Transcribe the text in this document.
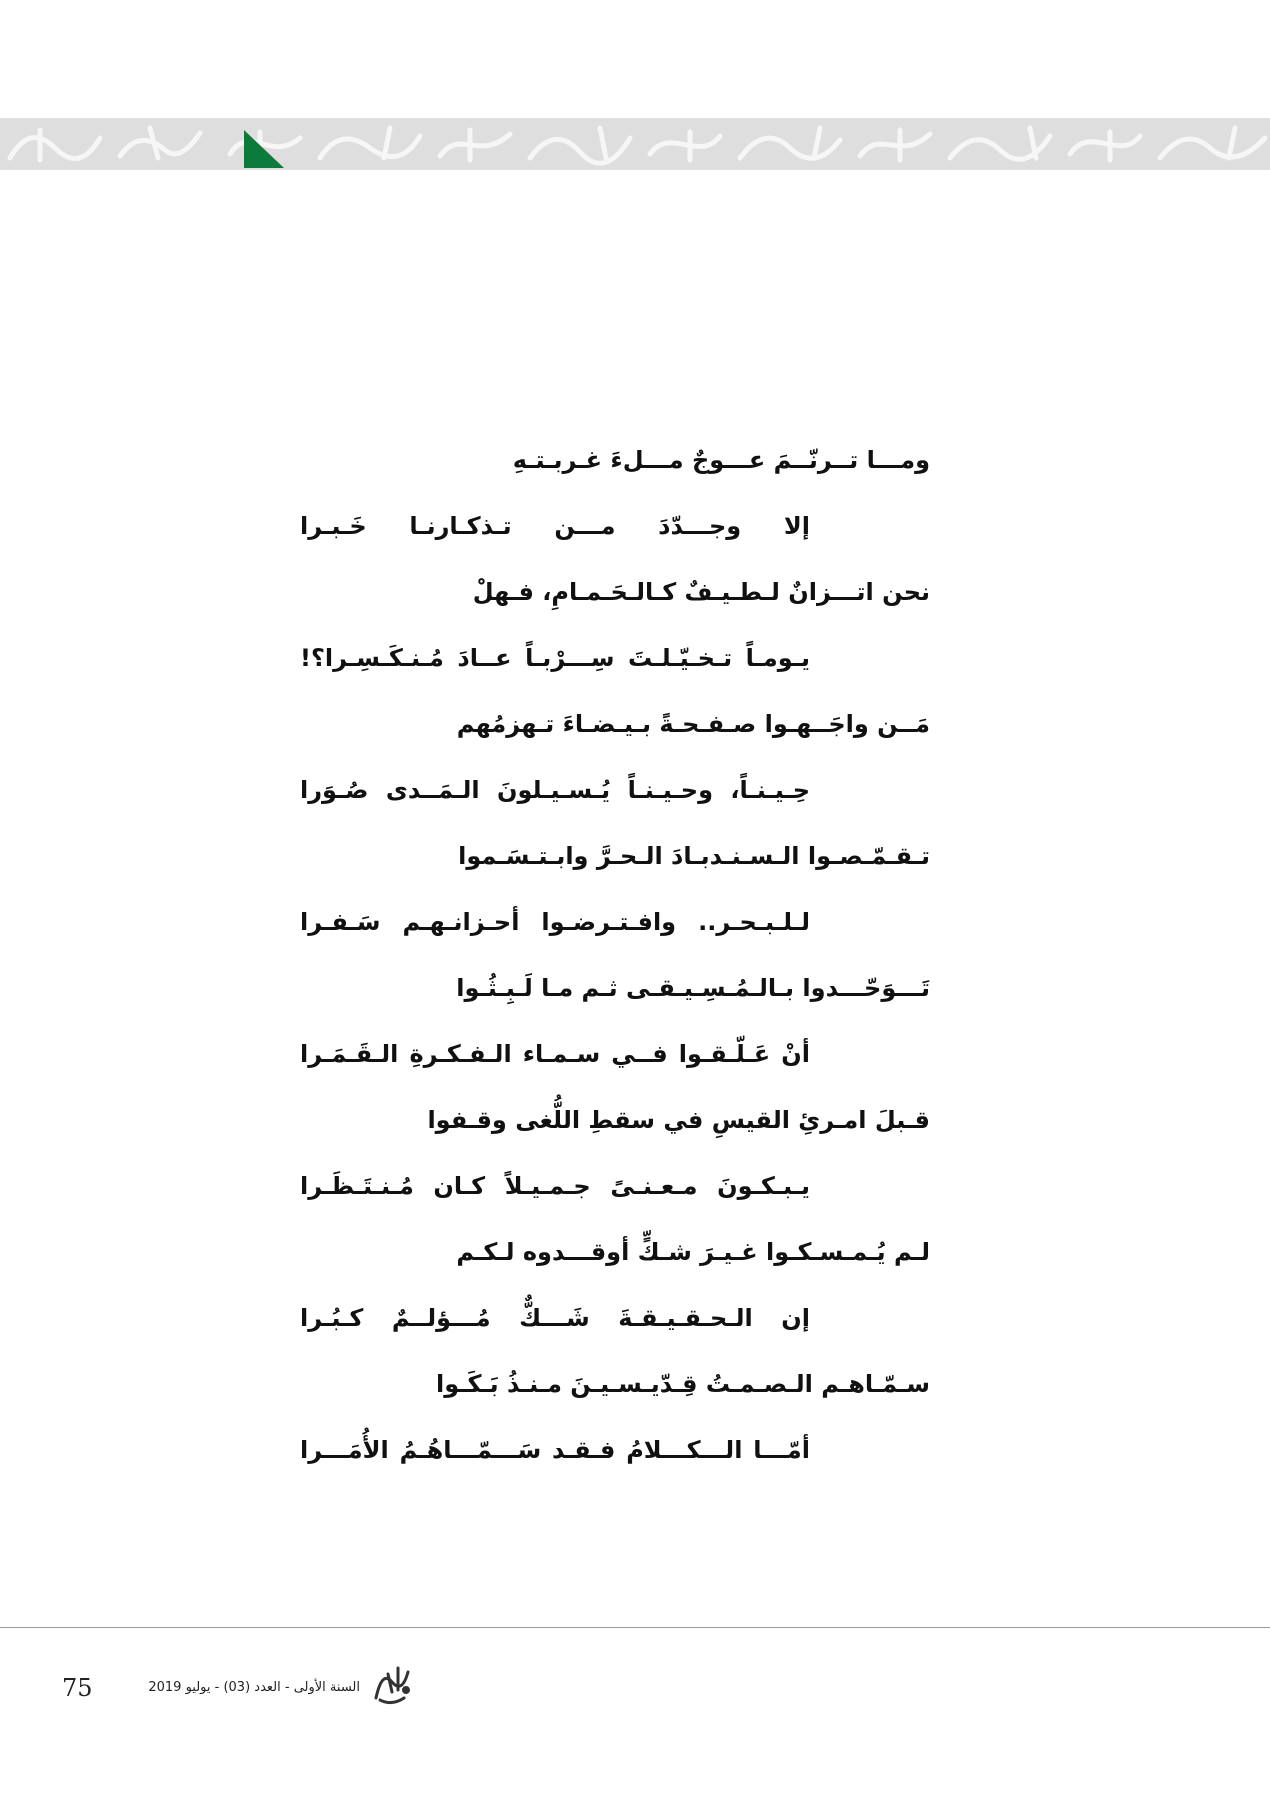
ومـــا تــرنّــمَ عـــوجٌ مـــلءَ غـربـتـهِ
إلا وجـــدّدَ مـــن تـذكـارنـا خَـبـرا
نحن اتـــزانٌ لـطـيـفٌ كـالـحَـمـامِ، فـهلْ
يـومـاً تـخـيّـلـتَ سِـــرْبـاً عــادَ مُـنـكَـسِـرا؟!
مَــن واجَــهـوا صـفـحـةً بـيـضـاءَ تـهزمُهم
حِـيـنـاً، وحـيـنـاً يُـسـيـلونَ الـمَــدى صُـوَرا
تـقـمّـصـوا الـسـنـدبـادَ الـحـرَّ وابـتـسَـموا
لـلـبـحـر.. وافـتـرضـوا أحـزانـهـم سَـفـرا
تَـــوَحّـــدوا بـالـمُـسِـيـقـى ثـم مـا لَـبِـثُـوا
أنْ عَـلّـقـوا فــي سـمـاء الـفـكـرةِ الـقَـمَـرا
قـبلَ امـرئِ القيسِ في سقطِ اللُّغى وقـفوا
يـبـكـونَ مـعـنـىً جـمـيـلاً كـان مُـنـتَـظَـرا
لـم يُـمـسـكـوا غـيـرَ شـكٍّ أوقـــدوه لـكـم
إن الـحـقـيـقـةَ شَـــكٌّ مُـــؤلــمٌ كـبُـرا
سـمّـاهـم الـصـمـتُ قِـدّيـسـيـنَ مـنـذُ بَـكَـوا
أمّـــا الـــكـــلامُ فـقـد سَـــمّـــاهُـمُ الأُمَـــرا
75	السنة الأولى - العدد (03) - يوليو 2019
